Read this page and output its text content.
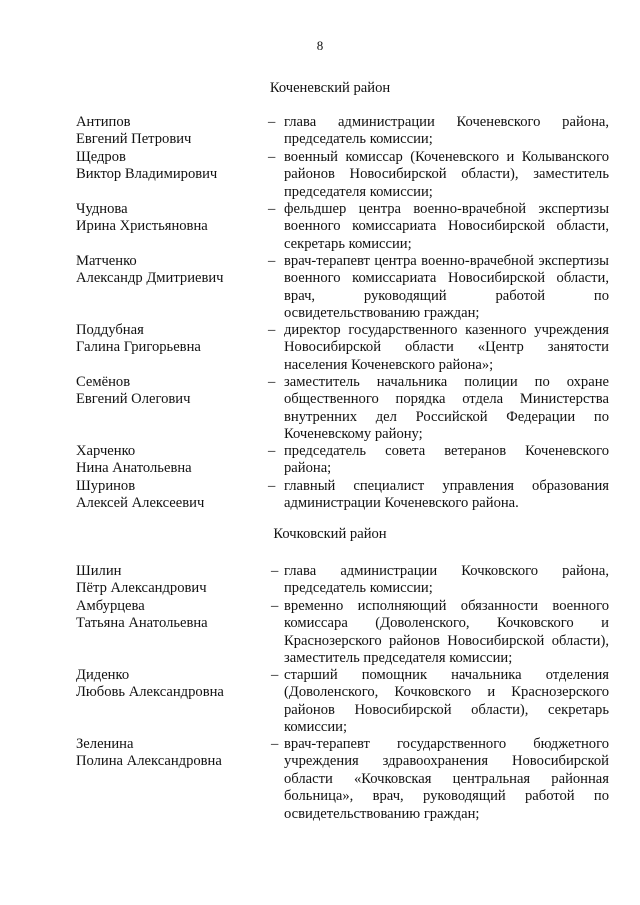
8
Коченевский район
Антипов
Евгений Петрович
– глава администрации Коченевского района, председатель комиссии;
Щедров
Виктор Владимирович
– военный комиссар (Коченевского и Колыванского районов Новосибирской области), заместитель председателя комиссии;
Чуднова
Ирина Христьяновна
– фельдшер центра военно-врачебной экспертизы военного комиссариата Новосибирской области, секретарь комиссии;
Матченко
Александр Дмитриевич
– врач-терапевт центра военно-врачебной экспертизы военного комиссариата Новосибирской области, врач, руководящий работой по освидетельствованию граждан;
Поддубная
Галина Григорьевна
– директор государственного казенного учреждения Новосибирской области «Центр занятости населения Коченевского района»;
Семёнов
Евгений Олегович
– заместитель начальника полиции по охране общественного порядка отдела Министерства внутренних дел Российской Федерации по Коченевскому району;
Харченко
Нина Анатольевна
– председатель совета ветеранов Коченевского района;
Шуринов
Алексей Алексеевич
– главный специалист управления образования администрации Коченевского района.
Кочковский район
Шилин
Пётр Александрович
– глава администрации Кочковского района, председатель комиссии;
Амбурцева
Татьяна Анатольевна
– временно исполняющий обязанности военного комиссара (Доволенского, Кочковского и Краснозерского районов Новосибирской области), заместитель председателя комиссии;
Диденко
Любовь Александровна
– старший помощник начальника отделения (Доволенского, Кочковского и Краснозерского районов Новосибирской области), секретарь комиссии;
Зеленина
Полина Александровна
– врач-терапевт государственного бюджетного учреждения здравоохранения Новосибирской области «Кочковская центральная районная больница», врач, руководящий работой по освидетельствованию граждан;
